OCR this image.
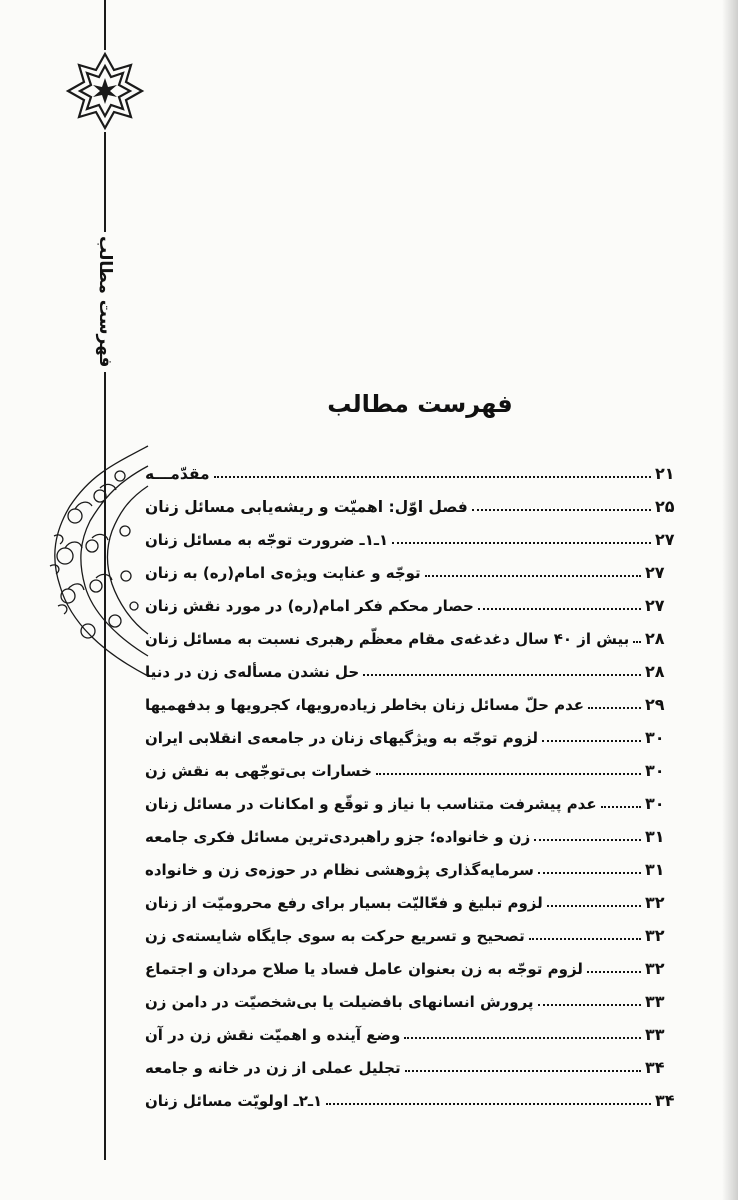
فهرست مطالب
فهرست مطالب
مقدّمـــه	۲۱
فصل اوّل: اهمیّت و ریشه‌یابی مسائل زنان	۲۵
۱ـ۱ـ ضرورت توجّه به مسائل زنان	۲۷
توجّه و عنایت ویژه‌ی امام(ره) به زنان	۲۷
حصار محکم فکر امام(ره) در مورد نقش زنان	۲۷
بیش از ۴۰ سال دغدغه‌ی مقام معظّم رهبری نسبت به مسائل زنان ۲۸
حل نشدن مسأله‌ی زن در دنیا	۲۸
عدم حلّ مسائل زنان بخاطر زیاده‌رویها، کجرویها و بدفهمیها	۲۹
لزوم توجّه به ویژگیهای زنان در جامعه‌ی انقلابی ایران	۳۰
خسارات بی‌توجّهی به نقش زن	۳۰
عدم پیشرفت متناسب با نیاز و توقّع و امکانات در مسائل زنان	۳۰
زن و خانواده؛ جزو راهبردی‌ترین مسائل فکری جامعه	۳۱
سرمایه‌گذاری پژوهشی نظام در حوزه‌ی زن و خانواده	۳۱
لزوم تبلیغ و فعّالیّت بسیار برای رفع محرومیّت از زنان	۳۲
تصحیح و تسریع حرکت به سوی جایگاه شایسته‌ی زن	۳۲
لزوم توجّه به زن بعنوان عامل فساد یا صلاح مردان و اجتماع	۳۲
پرورش انسانهای بافضیلت یا بی‌شخصیّت در دامن زن	۳۳
وضع آینده و اهمیّت نقش زن در آن	۳۳
تجلیل عملی از زن در خانه و جامعه	۳۴
۱ـ۲ـ اولویّت مسائل زنان	۳۴
